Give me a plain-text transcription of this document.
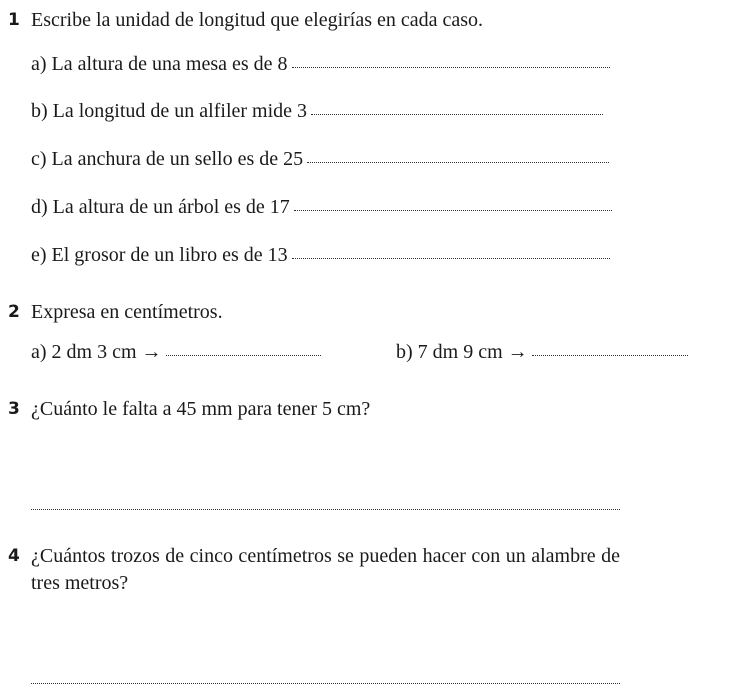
1 Escribe la unidad de longitud que elegirías en cada caso.
a) La altura de una mesa es de 8
b) La longitud de un alfiler mide 3
c) La anchura de un sello es de 25
d) La altura de un árbol es de 17
e) El grosor de un libro es de 13
2 Expresa en centímetros.
a) 2 dm 3 cm →	b) 7 dm 9 cm →
3 ¿Cuánto le falta a 45 mm para tener 5 cm?
4 ¿Cuántos trozos de cinco centímetros se pueden hacer con un alambre de tres metros?
